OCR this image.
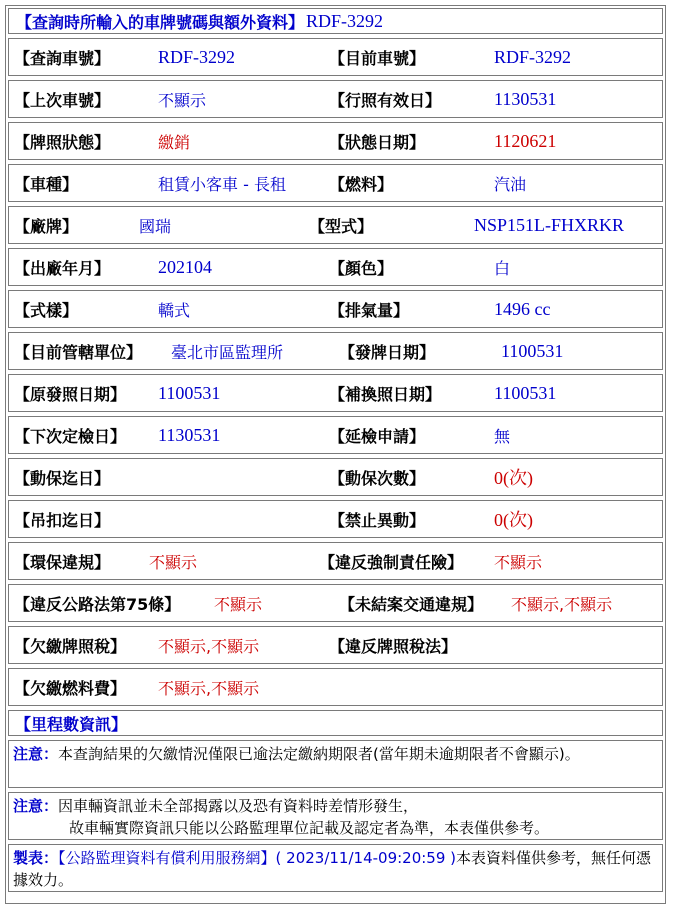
【查詢時所輸入的車牌號碼與額外資料】 RDF-3292
【查詢車號】	RDF-3292	【目前車號】	RDF-3292
【上次車號】	不顯示	【行照有效日】	1130531
【牌照狀態】	繳銷	【狀態日期】	1120621
【車種】	租賃小客車 - 長租	【燃料】	汽油
【廠牌】	國瑞	【型式】	NSP151L-FHXRKR
【出廠年月】	202104	【顏色】	白
【式樣】	轎式	【排氣量】	1496 cc
【目前管轄單位】 臺北市區監理所	【發牌日期】	1100531
【原發照日期】 1100531	【補換照日期】	1100531
【下次定檢日】 1130531	【延檢申請】	無
【動保迄日】	【動保次數】	0(次)
【吊扣迄日】	【禁止異動】	0(次)
【環保違規】 不顯示	【違反強制責任險】 不顯示
【違反公路法第75條】 不顯示	【未結案交通違規】 不顯示,不顯示
【欠繳牌照稅】 不顯示,不顯示	【違反牌照稅法】
【欠繳燃料費】 不顯示,不顯示
【里程數資訊】
注意：本查詢結果的欠繳情況僅限已逾法定繳納期限者(當年期未逾期限者不會顯示)。
注意：因車輛資訊並未全部揭露以及恐有資料時差情形發生，
故車輛實際資訊只能以公路監理單位記載及認定者為準，本表僅供參考。
製表：【公路監理資料有償利用服務網】( 2023/11/14-09:20:59 )本表資料僅供參考，無任何憑據效力。
